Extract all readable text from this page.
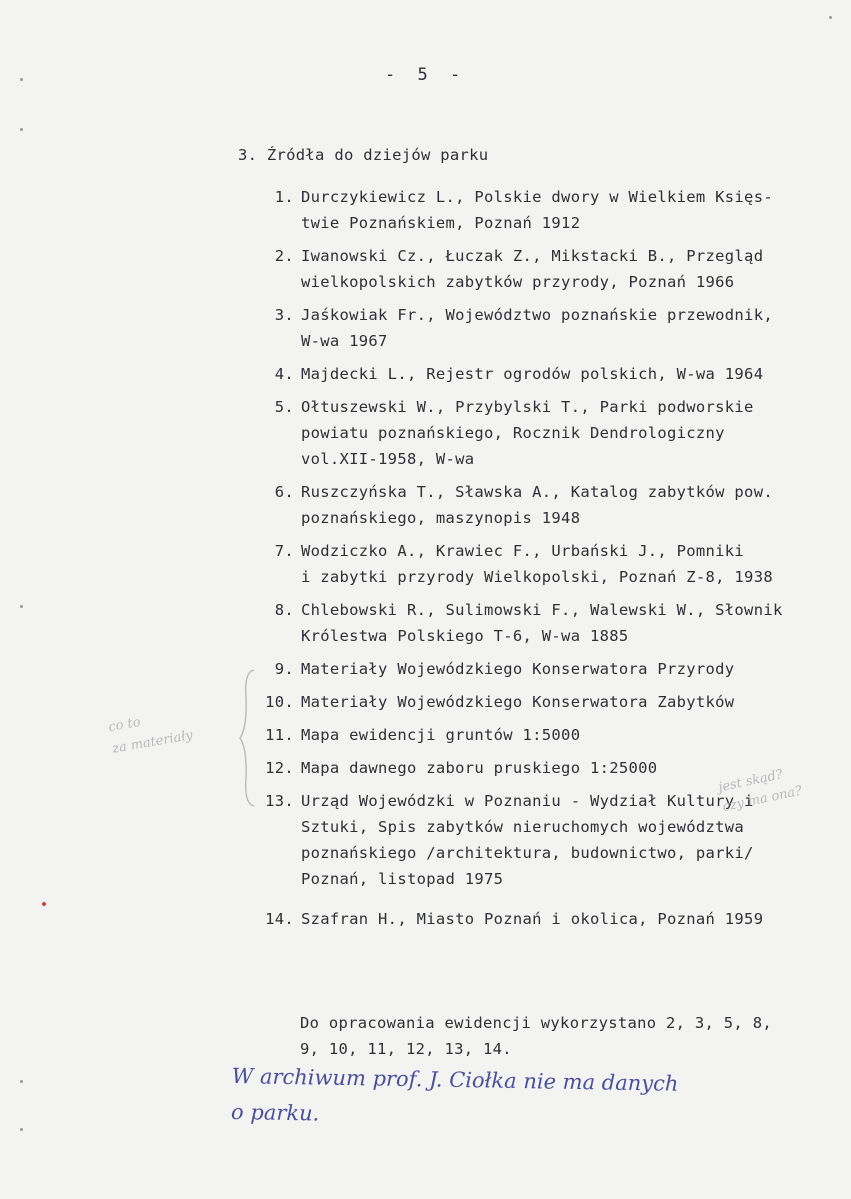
- 5 -
3. Źródła do dziejów parku
1. Durczykiewicz L., Polskie dwory w Wielkiem Księs-
twie Poznańskiem, Poznań 1912
2. Iwanowski Cz., Łuczak Z., Mikstacki B., Przegląd
wielkopolskich zabytków przyrody, Poznań 1966
3. Jaśkowiak Fr., Województwo poznańskie przewodnik,
W-wa 1967
4. Majdecki L., Rejestr ogrodów polskich, W-wa 1964
5. Ołtuszewski W., Przybylski T., Parki podworskie
powiatu poznańskiego, Rocznik Dendrologiczny
vol.XII-1958, W-wa
6. Ruszczyńska T., Sławska A., Katalog zabytków pow.
poznańskiego, maszynopis 1948
7. Wodziczko A., Krawiec F., Urbański J., Pomniki
i zabytki przyrody Wielkopolski, Poznań Z-8, 1938
8. Chlebowski R., Sulimowski F., Walewski W., Słownik
Królestwa Polskiego T-6, W-wa 1885
9. Materiały Wojewódzkiego Konserwatora Przyrody
10. Materiały Wojewódzkiego Konserwatora Zabytków
11. Mapa ewidencji gruntów 1:5000
12. Mapa dawnego zaboru pruskiego 1:25000
13. Urząd Wojewódzki w Poznaniu - Wydział Kultury i
Sztuki, Spis zabytków nieruchomych województwa
poznańskiego /architektura, budownictwo, parki/
Poznań, listopad 1975
14. Szafran H., Miasto Poznań i okolica, Poznań 1959
co to
za materiały
jest skąd?
czy ma ona?
Do opracowania ewidencji wykorzystano 2, 3, 5, 8,
9, 10, 11, 12, 13, 14.
W archiwum prof. J. Ciołka nie ma danych
o parku.
